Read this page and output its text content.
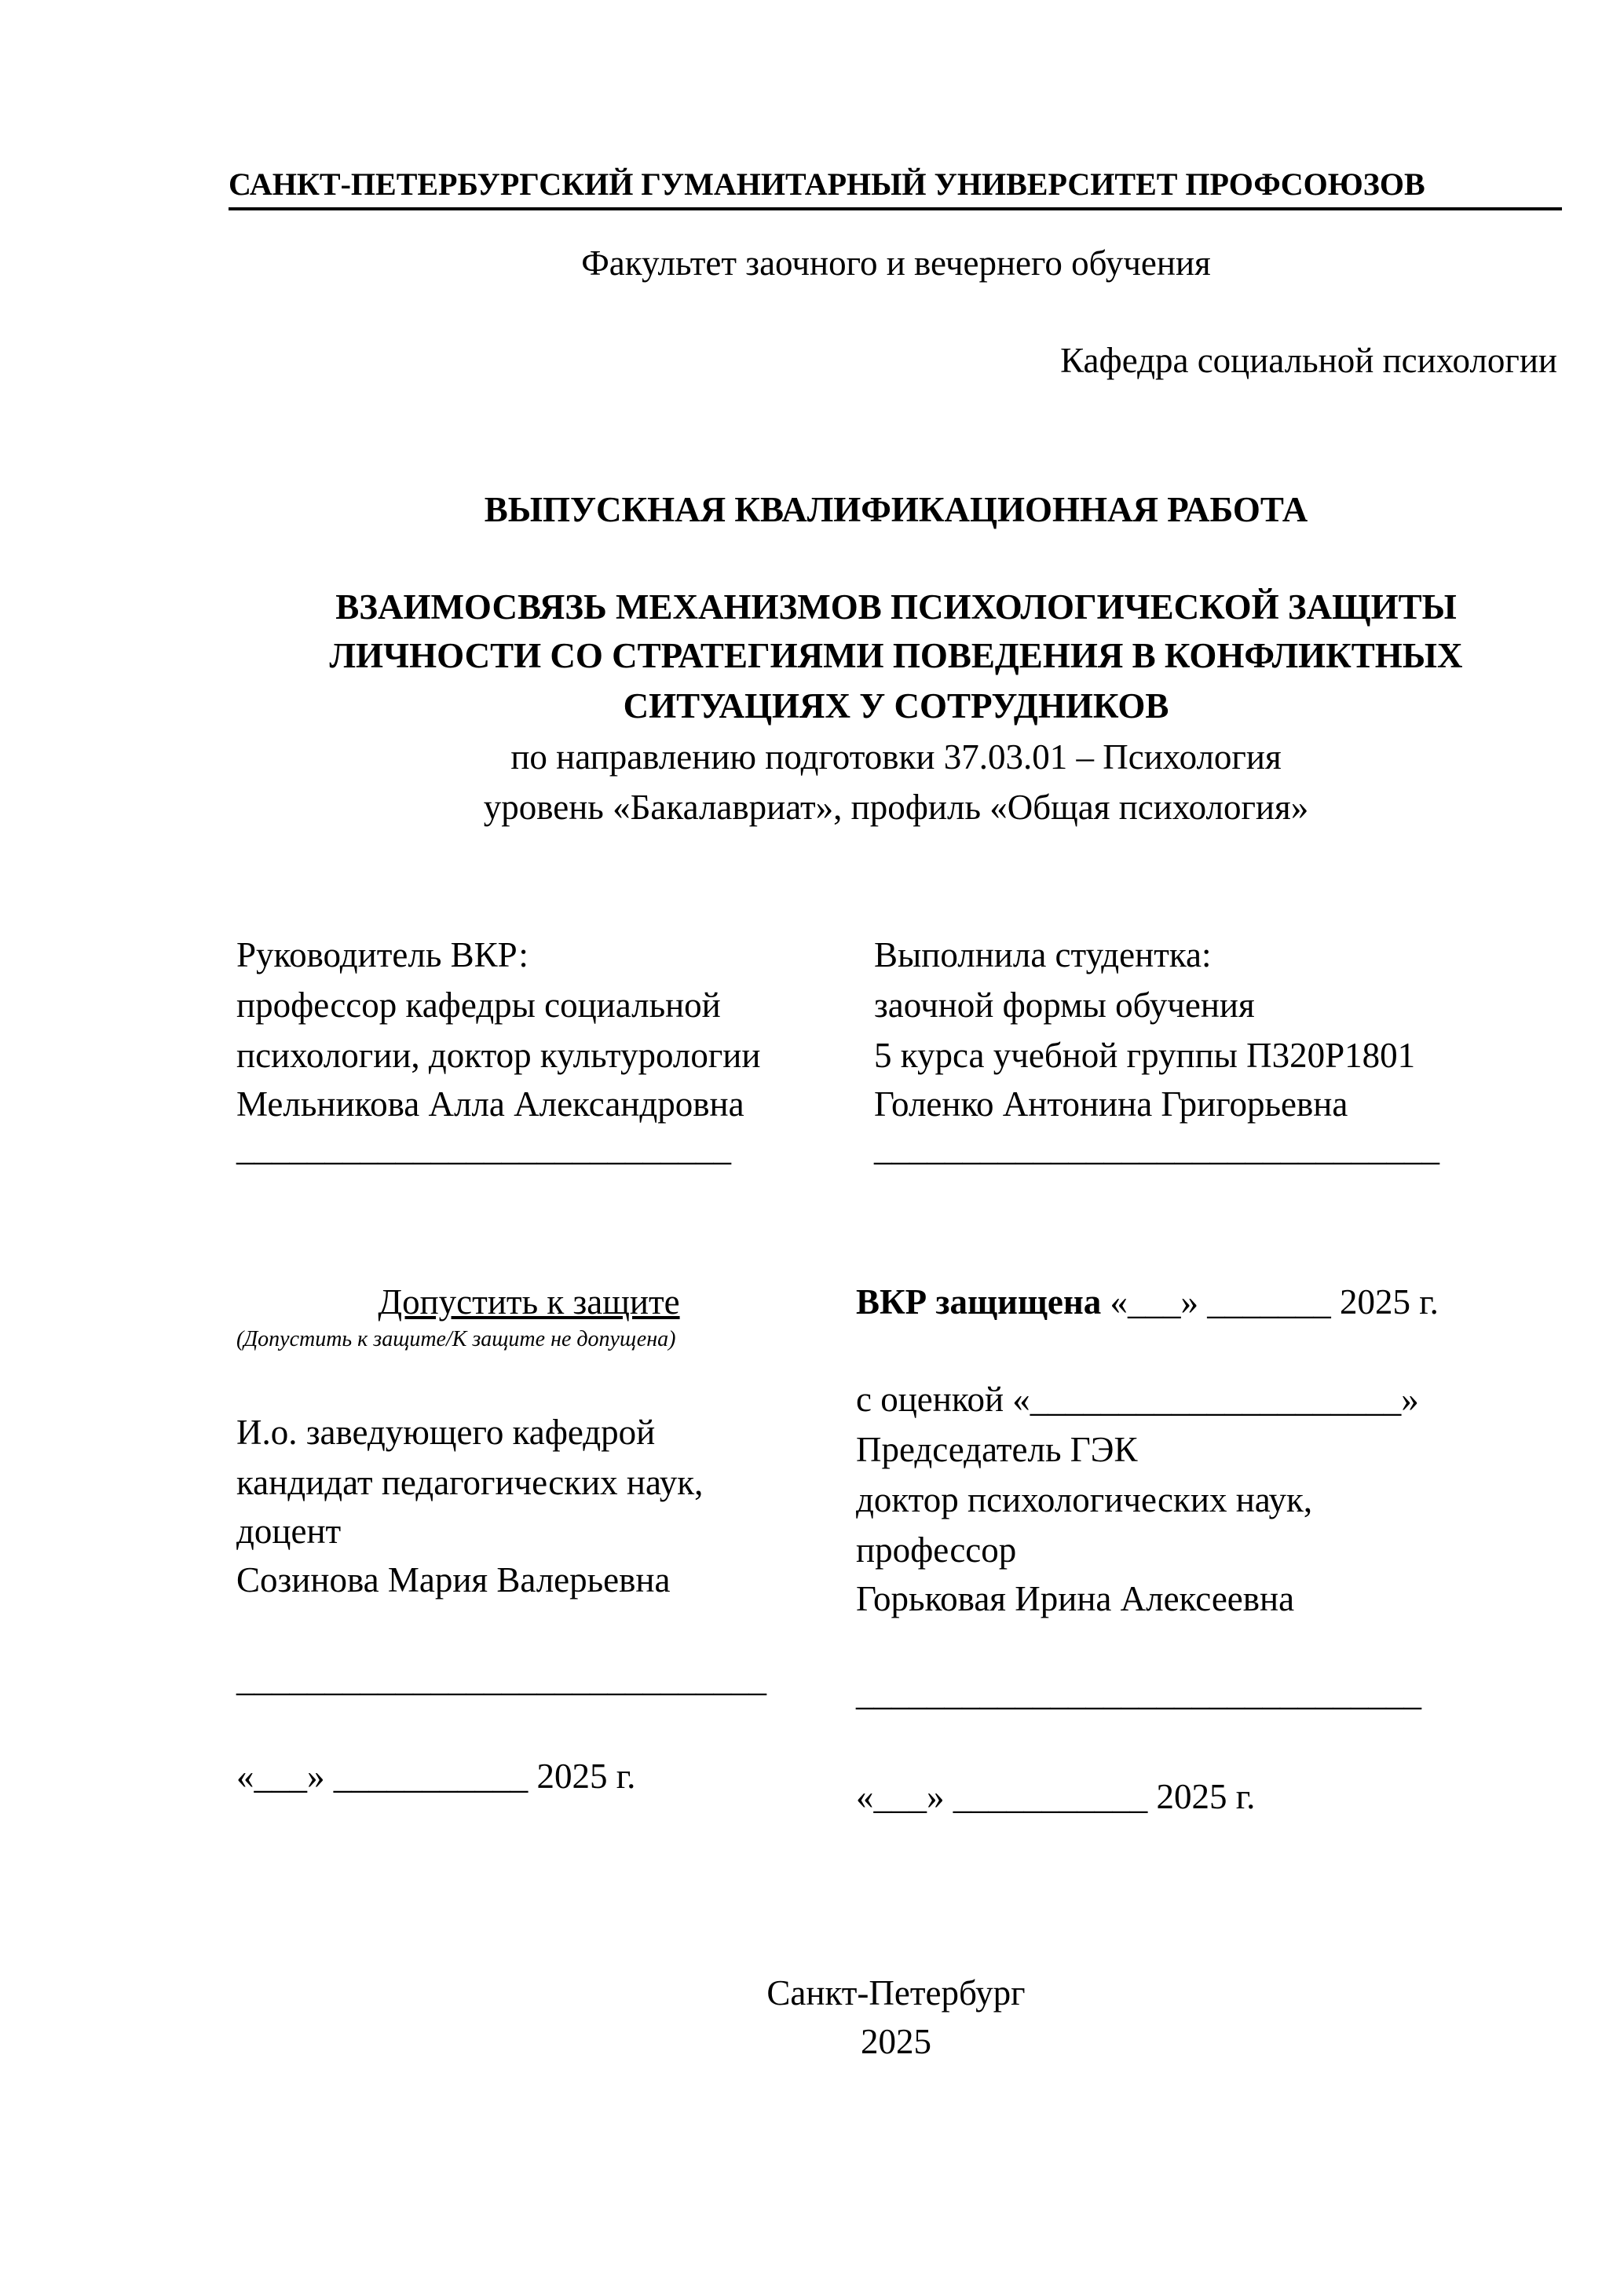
САНКТ-ПЕТЕРБУРГСКИЙ ГУМАНИТАРНЫЙ УНИВЕРСИТЕТ ПРОФСОЮЗОВ
Факультет заочного и вечернего обучения
Кафедра социальной психологии
ВЫПУСКНАЯ КВАЛИФИКАЦИОННАЯ РАБОТА
ВЗАИМОСВЯЗЬ МЕХАНИЗМОВ ПСИХОЛОГИЧЕСКОЙ ЗАЩИТЫ
ЛИЧНОСТИ СО СТРАТЕГИЯМИ ПОВЕДЕНИЯ В КОНФЛИКТНЫХ
СИТУАЦИЯХ У СОТРУДНИКОВ
по направлению подготовки 37.03.01 – Психология
уровень «Бакалавриат», профиль «Общая психология»
Руководитель ВКР:
профессор кафедры социальной
психологии, доктор культурологии
Мельникова Алла Александровна
____________________________
Выполнила студентка:
заочной формы обучения
5 курса учебной группы П320Р1801
Голенко Антонина Григорьевна
________________________________
Допустить к защите
(Допустить к защите/К защите не допущена)
И.о. заведующего кафедрой
кандидат педагогических наук,
доцент
Созинова Мария Валерьевна
______________________________
«___» ___________ 2025 г.
ВКР защищена «___» _______ 2025 г.
с оценкой «_____________________»
Председатель ГЭК
доктор психологических наук,
профессор
Горьковая Ирина Алексеевна
________________________________
«___» ___________ 2025 г.
Санкт-Петербург
2025
